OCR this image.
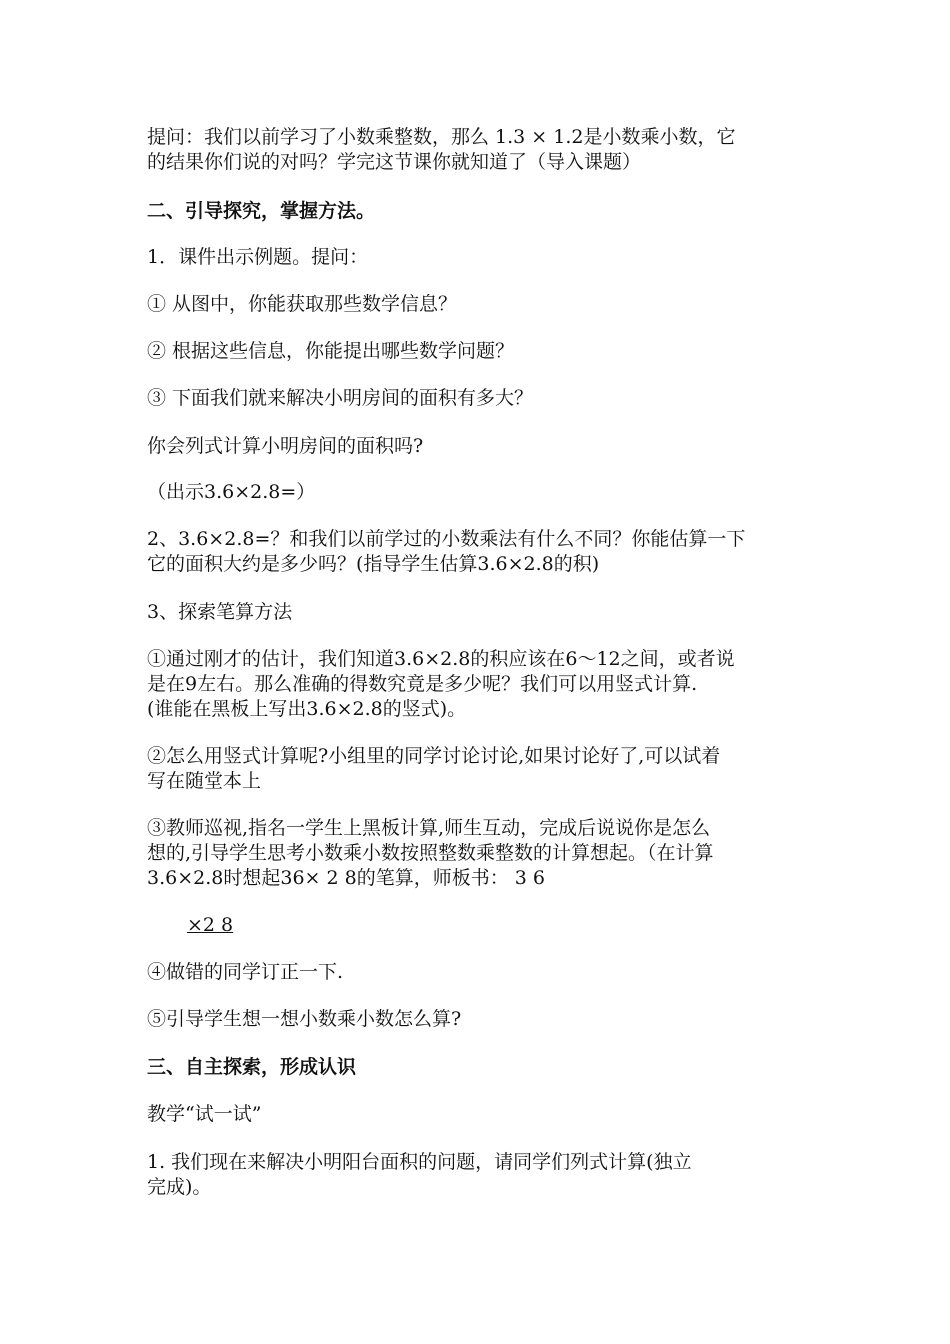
提问：我们以前学习了小数乘整数，那么 1.3 × 1.2是小数乘小数，它
的结果你们说的对吗？学完这节课你就知道了（导入课题）
二、引导探究，掌握方法。
1．课件出示例题。提问：
① 从图中，你能获取那些数学信息？
② 根据这些信息，你能提出哪些数学问题？
③ 下面我们就来解决小明房间的面积有多大？
你会列式计算小明房间的面积吗?
（出示3.6×2.8=）
2、3.6×2.8=？和我们以前学过的小数乘法有什么不同？你能估算一下
它的面积大约是多少吗？(指导学生估算3.6×2.8的积)
3、探索笔算方法
①通过刚才的估计，我们知道3.6×2.8的积应该在6～12之间，或者说
是在9左右。那么准确的得数究竟是多少呢？我们可以用竖式计算.
(谁能在黑板上写出3.6×2.8的竖式)。
②怎么用竖式计算呢?小组里的同学讨论讨论,如果讨论好了,可以试着
写在随堂本上
③教师巡视,指名一学生上黑板计算,师生互动，完成后说说你是怎么
想的,引导学生思考小数乘小数按照整数乘整数的计算想起。（在计算
3.6×2.8时想起36× 2 8的笔算，师板书： 3 6
×2 8
④做错的同学订正一下.
⑤引导学生想一想小数乘小数怎么算?
三、自主探索，形成认识
教学“试一试”
1. 我们现在来解决小明阳台面积的问题，请同学们列式计算(独立
完成)。
